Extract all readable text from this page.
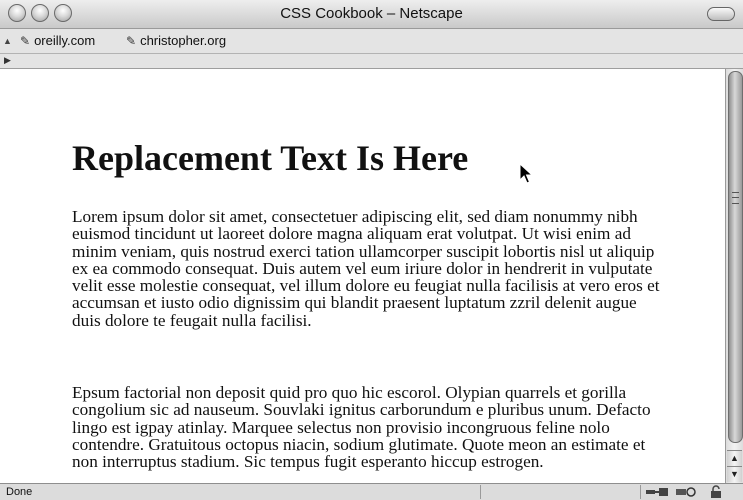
CSS Cookbook – Netscape
▲ ✎ oreilly.com	✎ christopher.org
▶
Replacement Text Is Here

Lorem ipsum dolor sit amet, consectetuer adipiscing elit, sed diam nonummy nibh euismod tincidunt ut laoreet dolore magna aliquam erat volutpat. Ut wisi enim ad minim veniam, quis nostrud exerci tation ullamcorper suscipit lobortis nisl ut aliquip ex ea commodo consequat. Duis autem vel eum iriure dolor in hendrerit in vulputate velit esse molestie consequat, vel illum dolore eu feugiat nulla facilisis at vero eros et accumsan et iusto odio dignissim qui blandit praesent luptatum zzril delenit augue duis dolore te feugait nulla facilisi.

Epsum factorial non deposit quid pro quo hic escorol. Olypian quarrels et gorilla congolium sic ad nauseum. Souvlaki ignitus carborundum e pluribus unum. Defacto lingo est igpay atinlay. Marquee selectus non provisio incongruous feline nolo contendre. Gratuitous octopus niacin, sodium glutimate. Quote meon an estimate et non interruptus stadium. Sic tempus fugit esperanto hiccup estrogen.	▲
▼
Done
